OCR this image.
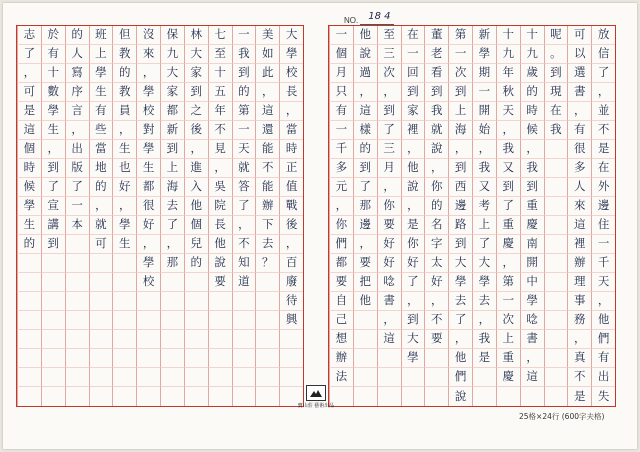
NO. 18 4
大
學
校
長
，
當
時
正
值
戰
後
，
百
廢
待
興
美
如
此
，
這
還
能
不
能
辦
下
去
？
一
我
到
的
第
一
天
就
答
了
，
不
知
道
七
至
十
五
年
不
見
，
吳
院
長
他
說
要
林
大
家
到
之
後
，
進
入
他
個
兒
的
保
九
大
家
都
新
到
上
海
去
了
，
那
沒
來
，
學
校
對
學
生
都
很
好
，
學
校
但
教
的
教
員
，
生
也
好
，
學
生
班
上
學
生
有
些
當
地
的
，
就
可
的
人
寫
序
言
，
出
版
了
一
本
於
有
十
數
學
生
，
到
了
宣
講
到
志
了
，
可
是
這
個
時
候
學
生
的
放
信
了
，
並
不
是
在
外
邊
住
一
千
天
，
他
們
有
出
失
可
以
選
書
，
有
很
多
人
來
這
裡
辦
理
事
務
，
真
不
是
呢
。
到
現
在
我
十
九
歲
的
時
候
，
我
到
重
慶
南
開
中
學
唸
書
，
這
十
九
年
秋
天
，
我
又
到
了
重
慶
，
第
一
次
上
重
慶
新
學
期
一
開
始
，
我
又
考
上
了
大
學
去
，
我
是
第
一
次
到
上
海
，
到
西
邊
路
到
大
學
去
了
，
他
們
說
董
老
看
到
我
就
說
，
你
的
名
字
太
好
，
不
要
在
一
回
到
家
裡
，
他
說
，
是
你
好
了
，
到
大
學
至
三
次
，
到
了
三
月
，
你
要
好
好
唸
書
，
這
他
說
過
，
這
樣
的
到
了
那
邊
，
要
把
他
一
個
月
只
有
一
千
多
元
，
你
們
都
要
自
己
想
辦
法
寶山莊 藝術出品
25格×24行 (600字夫格)
